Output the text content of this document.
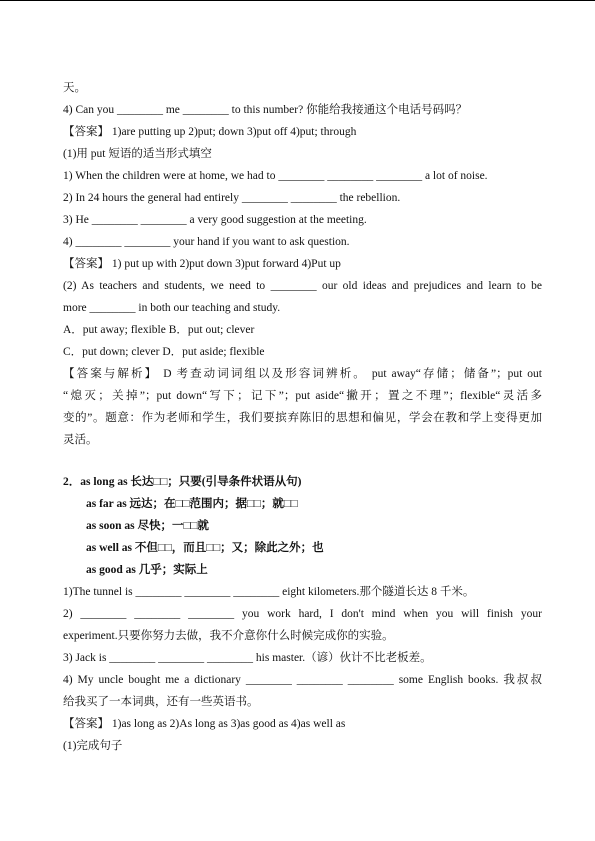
天。
4) Can you ________ me ________ to this number? 你能给我接通这个电话号码吗？
【答案】 1)are putting up 2)put; down 3)put off 4)put; through
(1)用 put 短语的适当形式填空
1) When the children were at home, we had to ________ ________ ________ a lot of noise.
2) In 24 hours the general had entirely ________ ________ the rebellion.
3) He ________ ________ a very good suggestion at the meeting.
4) ________ ________ your hand if you want to ask question.
【答案】 1) put up with 2)put down 3)put forward 4)Put up
(2) As teachers and students, we need to ________ our old ideas and prejudices and learn to be
more ________ in both our teaching and study.
A．put away; flexible B．put out; clever
C．put down; clever D．put aside; flexible
【答案与解析】 D 考查动词词组以及形容词辨析。 put away“存储；储备”；put out
“熄灭；关掉”；put down“写下；记下”；put aside“撇开；置之不理”；flexible“灵活多
变的”。题意：作为老师和学生，我们要摈弃陈旧的思想和偏见，学会在教和学上变得更加
灵活。
2．as long as 长达□□；只要(引导条件状语从句)
as far as 远达；在□□范围内；据□□；就□□
as soon as 尽快；一□□就
as well as 不但□□，而且□□；又；除此之外；也
as good as 几乎；实际上
1)The tunnel is ________ ________ ________ eight kilometers.那个隧道长达 8 千米。
2) ________ ________ ________ you work hard, I don't mind when you will finish your
experiment.只要你努力去做，我不介意你什么时候完成你的实验。
3) Jack is ________ ________ ________ his master.（谚）伙计不比老板差。
4) My uncle bought me a dictionary ________ ________ ________ some English books. 我叔叔
给我买了一本词典，还有一些英语书。
【答案】 1)as long as 2)As long as 3)as good as 4)as well as
(1)完成句子
